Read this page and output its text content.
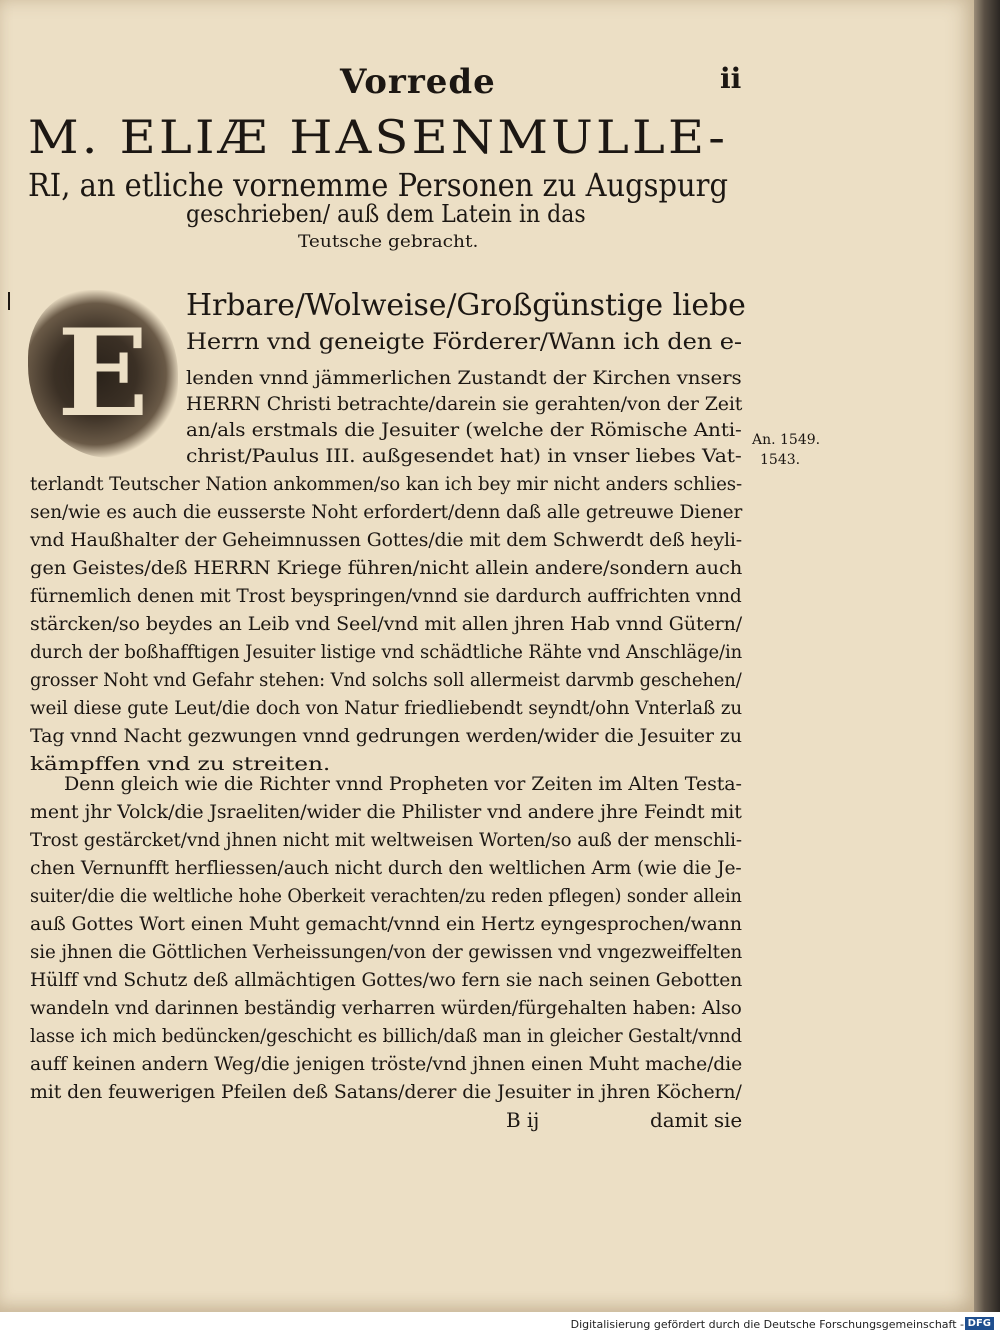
Vorrede	ii
M. ELIÆ HASENMULLE-
RI, an etliche vornemme Personen zu Augspurg
geschrieben/ auß dem Latein in das
Teutsche gebracht.
E	Hrbare/Wolweise/Großgünstige liebe
Herrn vnd geneigte Förderer/Wann ich den e-
lenden vnnd jämmerlichen Zustandt der Kirchen vnsers
HERRN Christi betrachte/darein sie gerahten/von der Zeit
an/als erstmals die Jesuiter (welche der Römische Anti-
christ/Paulus III. außgesendet hat) in vnser liebes Vat-
terlandt Teutscher Nation ankommen/so kan ich bey mir nicht anders schlies-
sen/wie es auch die eusserste Noht erfordert/denn daß alle getreuwe Diener
vnd Haußhalter der Geheimnussen Gottes/die mit dem Schwerdt deß heyli-
gen Geistes/deß HERRN Kriege führen/nicht allein andere/sondern auch
fürnemlich denen mit Trost beyspringen/vnnd sie dardurch auffrichten vnnd
stärcken/so beydes an Leib vnd Seel/vnd mit allen jhren Hab vnnd Gütern/
durch der boßhafftigen Jesuiter listige vnd schädtliche Rähte vnd Anschläge/in
grosser Noht vnd Gefahr stehen: Vnd solchs soll allermeist darvmb geschehen/
weil diese gute Leut/die doch von Natur friedliebendt seyndt/ohn Vnterlaß zu
Tag vnnd Nacht gezwungen vnnd gedrungen werden/wider die Jesuiter zu
kämpffen vnd zu streiten.
Denn gleich wie die Richter vnnd Propheten vor Zeiten im Alten Testa-
ment jhr Volck/die Jsraeliten/wider die Philister vnd andere jhre Feindt mit
Trost gestärcket/vnd jhnen nicht mit weltweisen Worten/so auß der menschli-
chen Vernunfft herfliessen/auch nicht durch den weltlichen Arm (wie die Je-
suiter/die die weltliche hohe Oberkeit verachten/zu reden pflegen) sonder allein
auß Gottes Wort einen Muht gemacht/vnnd ein Hertz eyngesprochen/wann
sie jhnen die Göttlichen Verheissungen/von der gewissen vnd vngezweiffelten
Hülff vnd Schutz deß allmächtigen Gottes/wo fern sie nach seinen Gebotten
wandeln vnd darinnen beständig verharren würden/fürgehalten haben: Also
lasse ich mich bedüncken/geschicht es billich/daß man in gleicher Gestalt/vnnd
auff keinen andern Weg/die jenigen tröste/vnd jhnen einen Muht mache/die
mit den feuwerigen Pfeilen deß Satans/derer die Jesuiter in jhren Köchern/
An. 1549.
1543.
B ij	damit sie
Digitalisierung gefördert durch die Deutsche Forschungsgemeinschaft - DFG
